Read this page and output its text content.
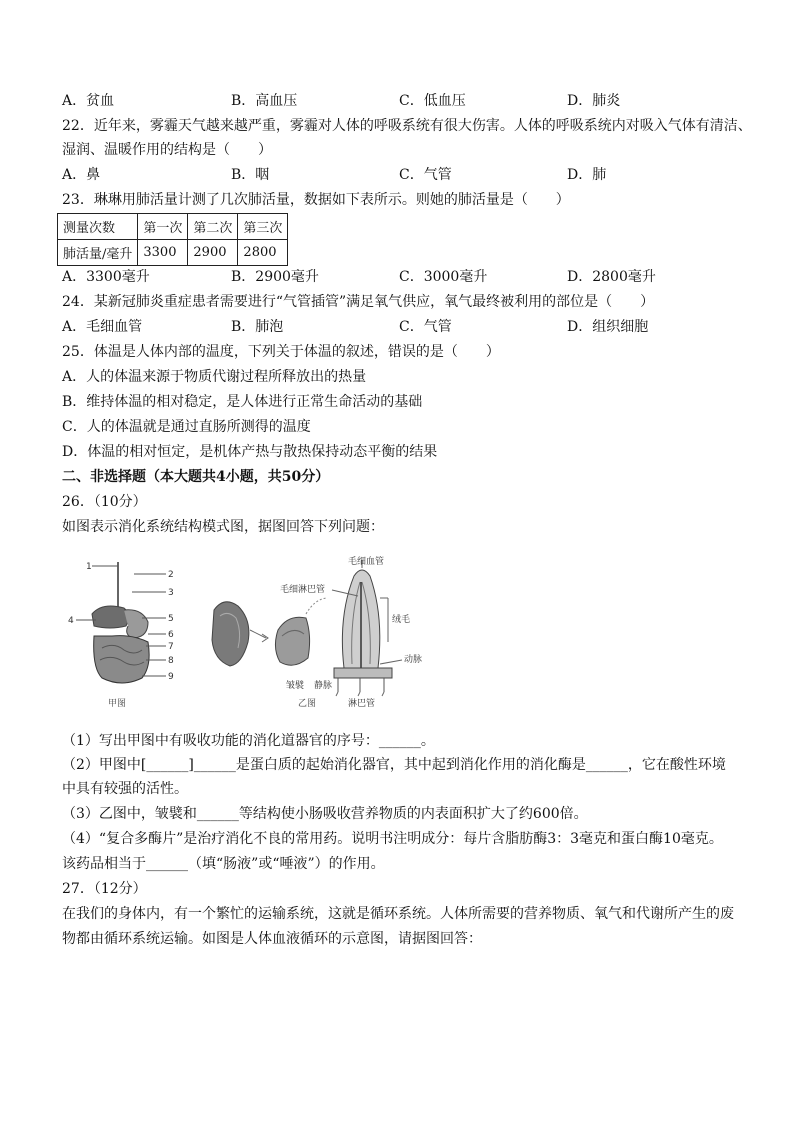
A．贫血	B．高血压	C．低血压	D．肺炎
22．近年来，雾霾天气越来越严重，雾霾对人体的呼吸系统有很大伤害。人体的呼吸系统内对吸入气体有清洁、
湿润、温暖作用的结构是（　　）
A．鼻	B．咽	C．气管	D．肺
23．琳琳用肺活量计测了几次肺活量，数据如下表所示。则她的肺活量是（　　）
测量次数	第一次	第二次	第三次
肺活量/毫升	3300	2900	2800
A．3300毫升	B．2900毫升	C．3000毫升	D．2800毫升
24．某新冠肺炎重症患者需要进行“气管插管”满足氧气供应，氧气最终被利用的部位是（　　）
A．毛细血管	B．肺泡	C．气管	D．组织细胞
25．体温是人体内部的温度，下列关于体温的叙述，错误的是（　　）
A．人的体温来源于物质代谢过程所释放出的热量
B．维持体温的相对稳定，是人体进行正常生命活动的基础
C．人的体温就是通过直肠所测得的温度
D．体温的相对恒定，是机体产热与散热保持动态平衡的结果
二、非选择题（本大题共4小题，共50分）
26．（10分）
如图表示消化系统结构模式图，据图回答下列问题：
1
2
3
4	5
6
7
8
9
甲图
毛细血管
毛细淋巴管
绒毛
动脉
皱襞 静脉
淋巴管
乙图
（1）写出甲图中有吸收功能的消化道器官的序号：______。
（2）甲图中[______]______是蛋白质的起始消化器官，其中起到消化作用的消化酶是______，它在酸性环境
中具有较强的活性。
（3）乙图中，皱襞和______等结构使小肠吸收营养物质的内表面积扩大了约600倍。
（4）“复合多酶片”是治疗消化不良的常用药。说明书注明成分：每片含脂肪酶3：3毫克和蛋白酶10毫克。
该药品相当于______（填“肠液”或“唾液”）的作用。
27．（12分）
在我们的身体内，有一个繁忙的运输系统，这就是循环系统。人体所需要的营养物质、氧气和代谢所产生的废
物都由循环系统运输。如图是人体血液循环的示意图，请据图回答：
